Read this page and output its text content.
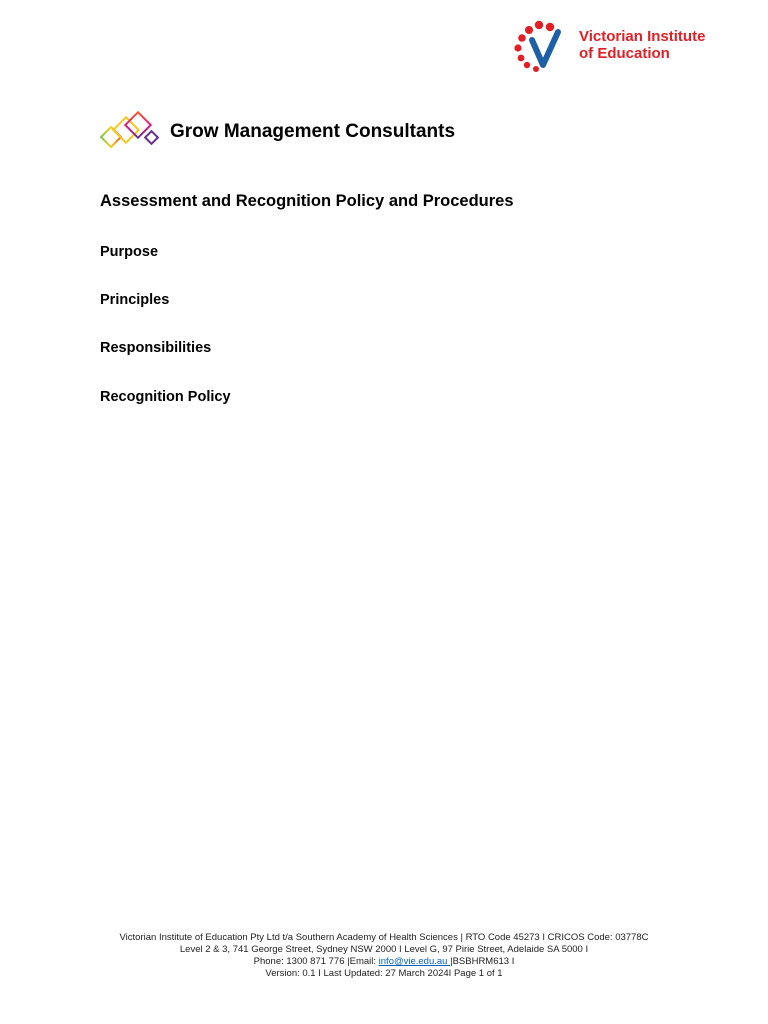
Victorian Institute
of Education
Grow Management Consultants
Assessment and Recognition Policy and Procedures
Purpose
Principles
Responsibilities
Recognition Policy
Victorian Institute of Education Pty Ltd t/a Southern Academy of Health Sciences | RTO Code 45273 I CRICOS Code: 03778C
Level 2 & 3, 741 George Street, Sydney NSW 2000 I Level G, 97 Pirie Street, Adelaide SA 5000 I
Phone: 1300 871 776 |Email: info@vie.edu.au |BSBHRM613 I
Version: 0.1 I Last Updated: 27 March 2024I Page 1 of 1
